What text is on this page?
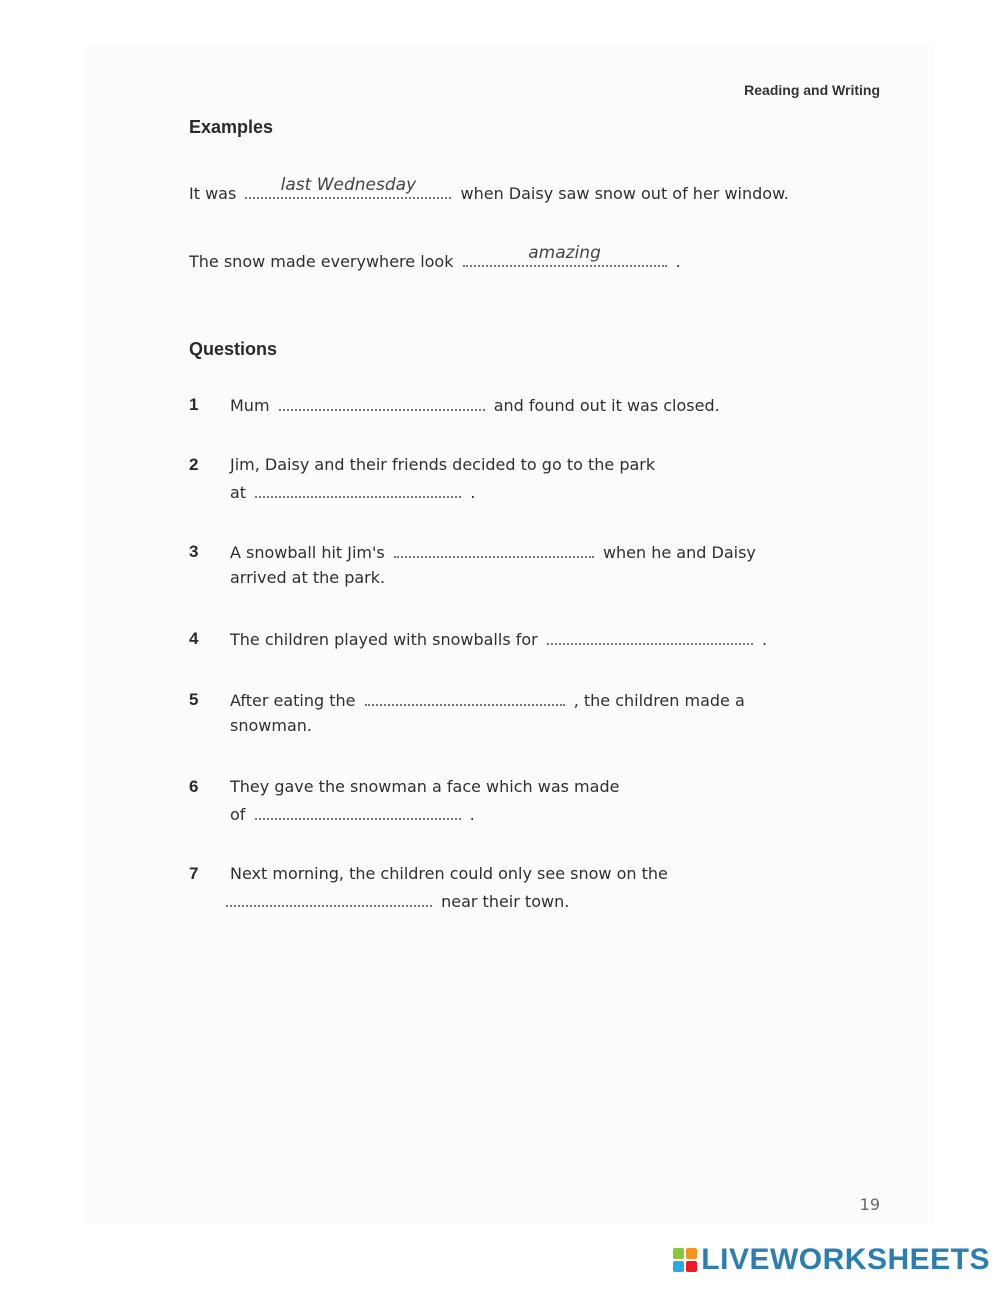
Reading and Writing
Examples
It was	last Wednesday	when Daisy saw snow out of her window.
The snow made everywhere look	amazing	.
Questions
1 Mum	and found out it was closed.
2 Jim, Daisy and their friends decided to go to the park
at	.
3 A snowball hit Jim's	when he and Daisy
arrived at the park.
4 The children played with snowballs for	.
5 After eating the	, the children made a
snowman.
6 They gave the snowman a face which was made
of	.
7 Next morning, the children could only see snow on the
near their town.
19
LIVEWORKSHEETS
